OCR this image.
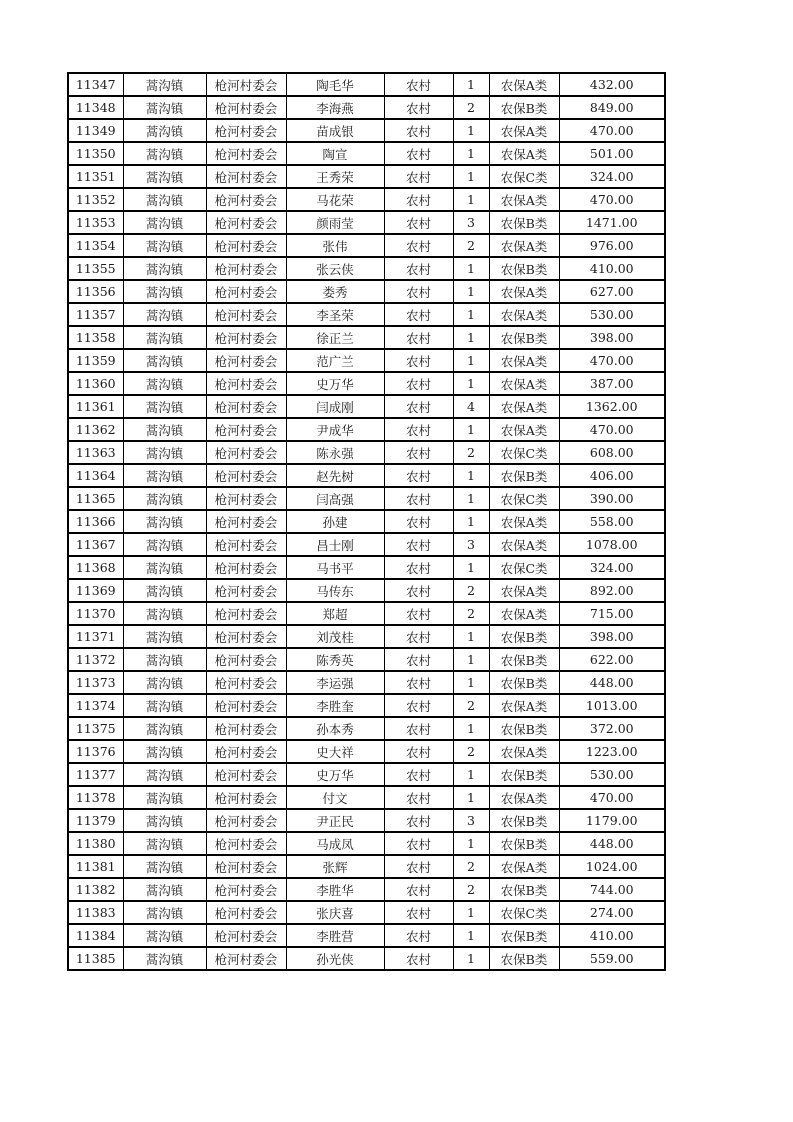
11347	蒿沟镇	枪河村委会	陶毛华	农村	1	农保A类	432.00
11348	蒿沟镇	枪河村委会	李海燕	农村	2	农保B类	849.00
11349	蒿沟镇	枪河村委会	苗成银	农村	1	农保A类	470.00
11350	蒿沟镇	枪河村委会	陶宣	农村	1	农保A类	501.00
11351	蒿沟镇	枪河村委会	王秀荣	农村	1	农保C类	324.00
11352	蒿沟镇	枪河村委会	马花荣	农村	1	农保A类	470.00
11353	蒿沟镇	枪河村委会	颜雨莹	农村	3	农保B类	1471.00
11354	蒿沟镇	枪河村委会	张伟	农村	2	农保A类	976.00
11355	蒿沟镇	枪河村委会	张云侠	农村	1	农保B类	410.00
11356	蒿沟镇	枪河村委会	娄秀	农村	1	农保A类	627.00
11357	蒿沟镇	枪河村委会	李圣荣	农村	1	农保A类	530.00
11358	蒿沟镇	枪河村委会	徐正兰	农村	1	农保B类	398.00
11359	蒿沟镇	枪河村委会	范广兰	农村	1	农保A类	470.00
11360	蒿沟镇	枪河村委会	史万华	农村	1	农保A类	387.00
11361	蒿沟镇	枪河村委会	闫成刚	农村	4	农保A类	1362.00
11362	蒿沟镇	枪河村委会	尹成华	农村	1	农保A类	470.00
11363	蒿沟镇	枪河村委会	陈永强	农村	2	农保C类	608.00
11364	蒿沟镇	枪河村委会	赵先树	农村	1	农保B类	406.00
11365	蒿沟镇	枪河村委会	闫高强	农村	1	农保C类	390.00
11366	蒿沟镇	枪河村委会	孙建	农村	1	农保A类	558.00
11367	蒿沟镇	枪河村委会	昌士刚	农村	3	农保A类	1078.00
11368	蒿沟镇	枪河村委会	马书平	农村	1	农保C类	324.00
11369	蒿沟镇	枪河村委会	马传东	农村	2	农保A类	892.00
11370	蒿沟镇	枪河村委会	郑超	农村	2	农保A类	715.00
11371	蒿沟镇	枪河村委会	刘茂桂	农村	1	农保B类	398.00
11372	蒿沟镇	枪河村委会	陈秀英	农村	1	农保B类	622.00
11373	蒿沟镇	枪河村委会	李运强	农村	1	农保B类	448.00
11374	蒿沟镇	枪河村委会	李胜奎	农村	2	农保A类	1013.00
11375	蒿沟镇	枪河村委会	孙本秀	农村	1	农保B类	372.00
11376	蒿沟镇	枪河村委会	史大祥	农村	2	农保A类	1223.00
11377	蒿沟镇	枪河村委会	史万华	农村	1	农保B类	530.00
11378	蒿沟镇	枪河村委会	付文	农村	1	农保A类	470.00
11379	蒿沟镇	枪河村委会	尹正民	农村	3	农保B类	1179.00
11380	蒿沟镇	枪河村委会	马成凤	农村	1	农保B类	448.00
11381	蒿沟镇	枪河村委会	张辉	农村	2	农保A类	1024.00
11382	蒿沟镇	枪河村委会	李胜华	农村	2	农保B类	744.00
11383	蒿沟镇	枪河村委会	张庆喜	农村	1	农保C类	274.00
11384	蒿沟镇	枪河村委会	李胜营	农村	1	农保B类	410.00
11385	蒿沟镇	枪河村委会	孙光侠	农村	1	农保B类	559.00
